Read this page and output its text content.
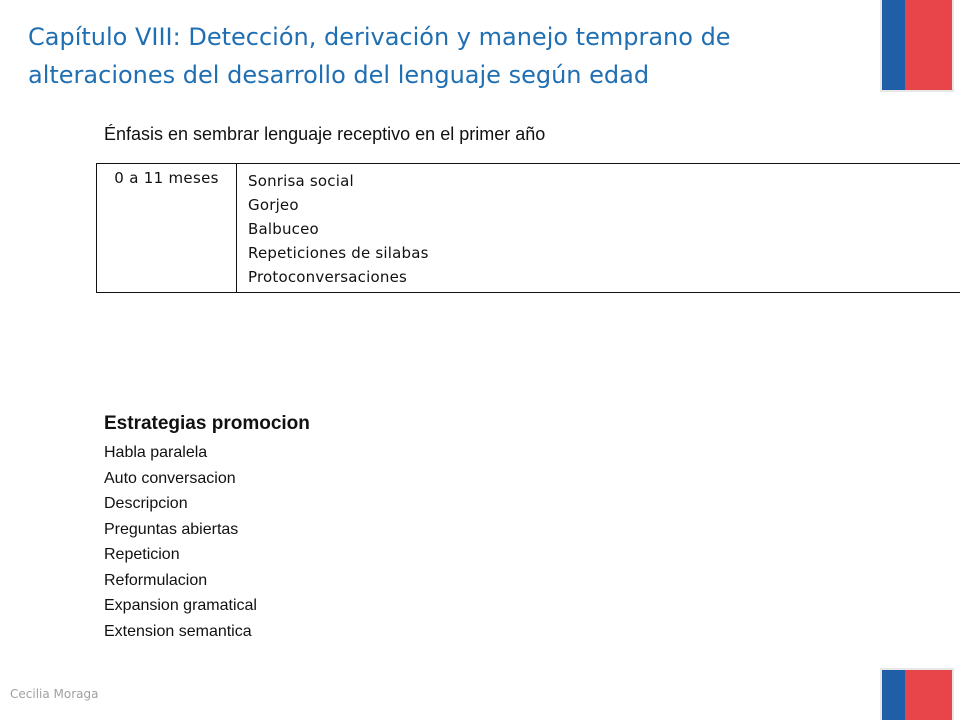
Capítulo VIII: Detección, derivación y manejo temprano de
alteraciones del desarrollo del lenguaje según edad
Énfasis en sembrar lenguaje receptivo en el primer año
0 a 11 meses	Sonrisa social
Gorjeo
Balbuceo
Repeticiones de silabas
Protoconversaciones
Estrategias promocion
Habla paralela
Auto conversacion
Descripcion
Preguntas abiertas
Repeticion
Reformulacion
Expansion gramatical
Extension semantica
Cecilia Moraga
